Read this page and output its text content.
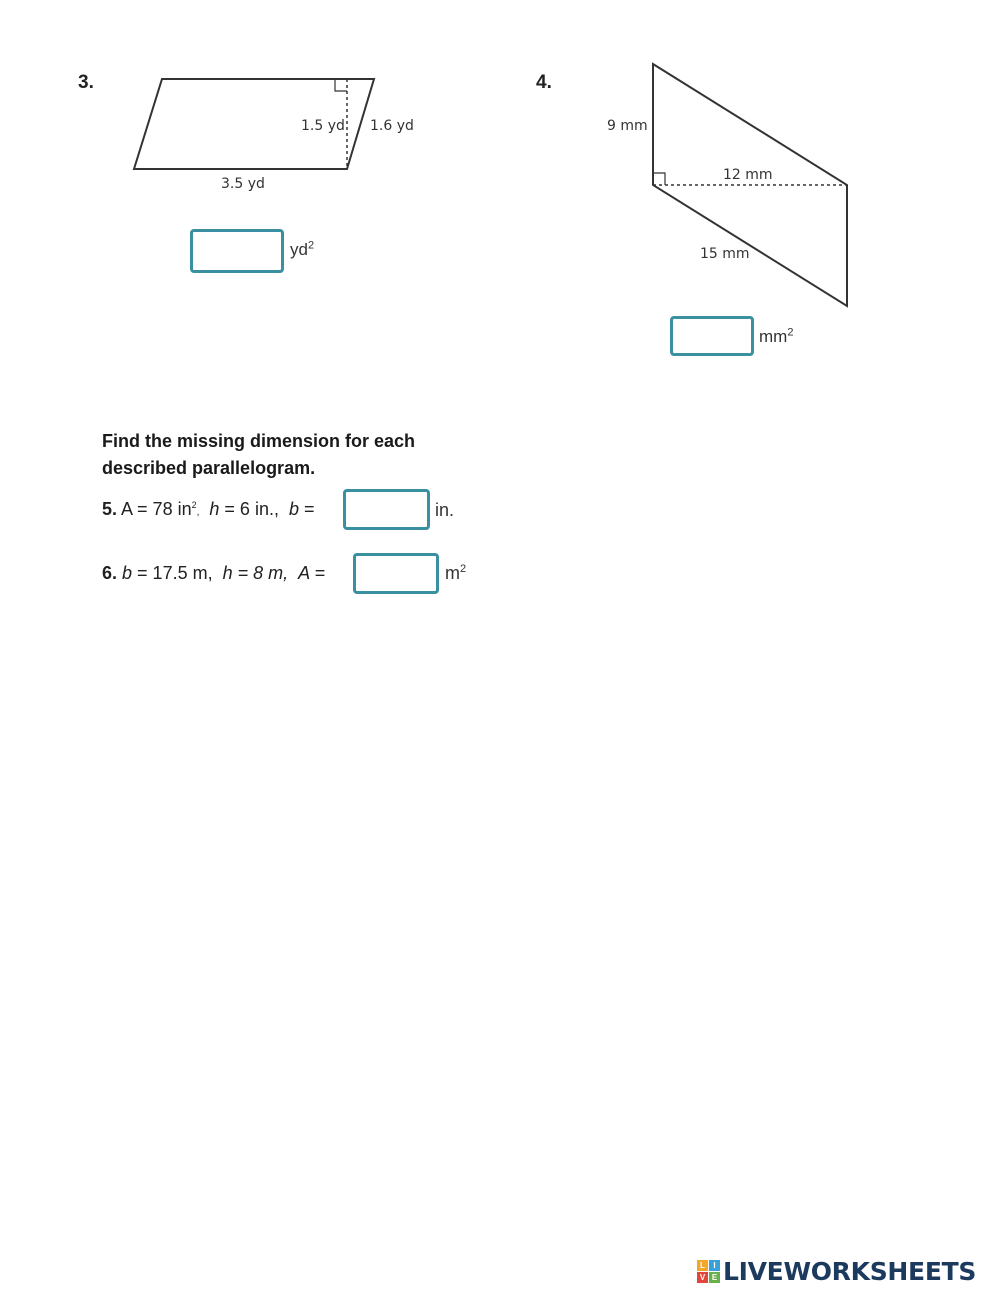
3.
1.5 yd 1.6 yd
3.5 yd
$yd^2$
4.
9 mm
12 mm
15 mm
$mm^2$
Find the missing dimension for each described parallelogram.
5. A = 78 $in^2$, h = 6 in., b =	in.
6. b = 17.5 m, h = 8 m, A =	$m^2$
L	I
V E LIVEWORKSHEETS
